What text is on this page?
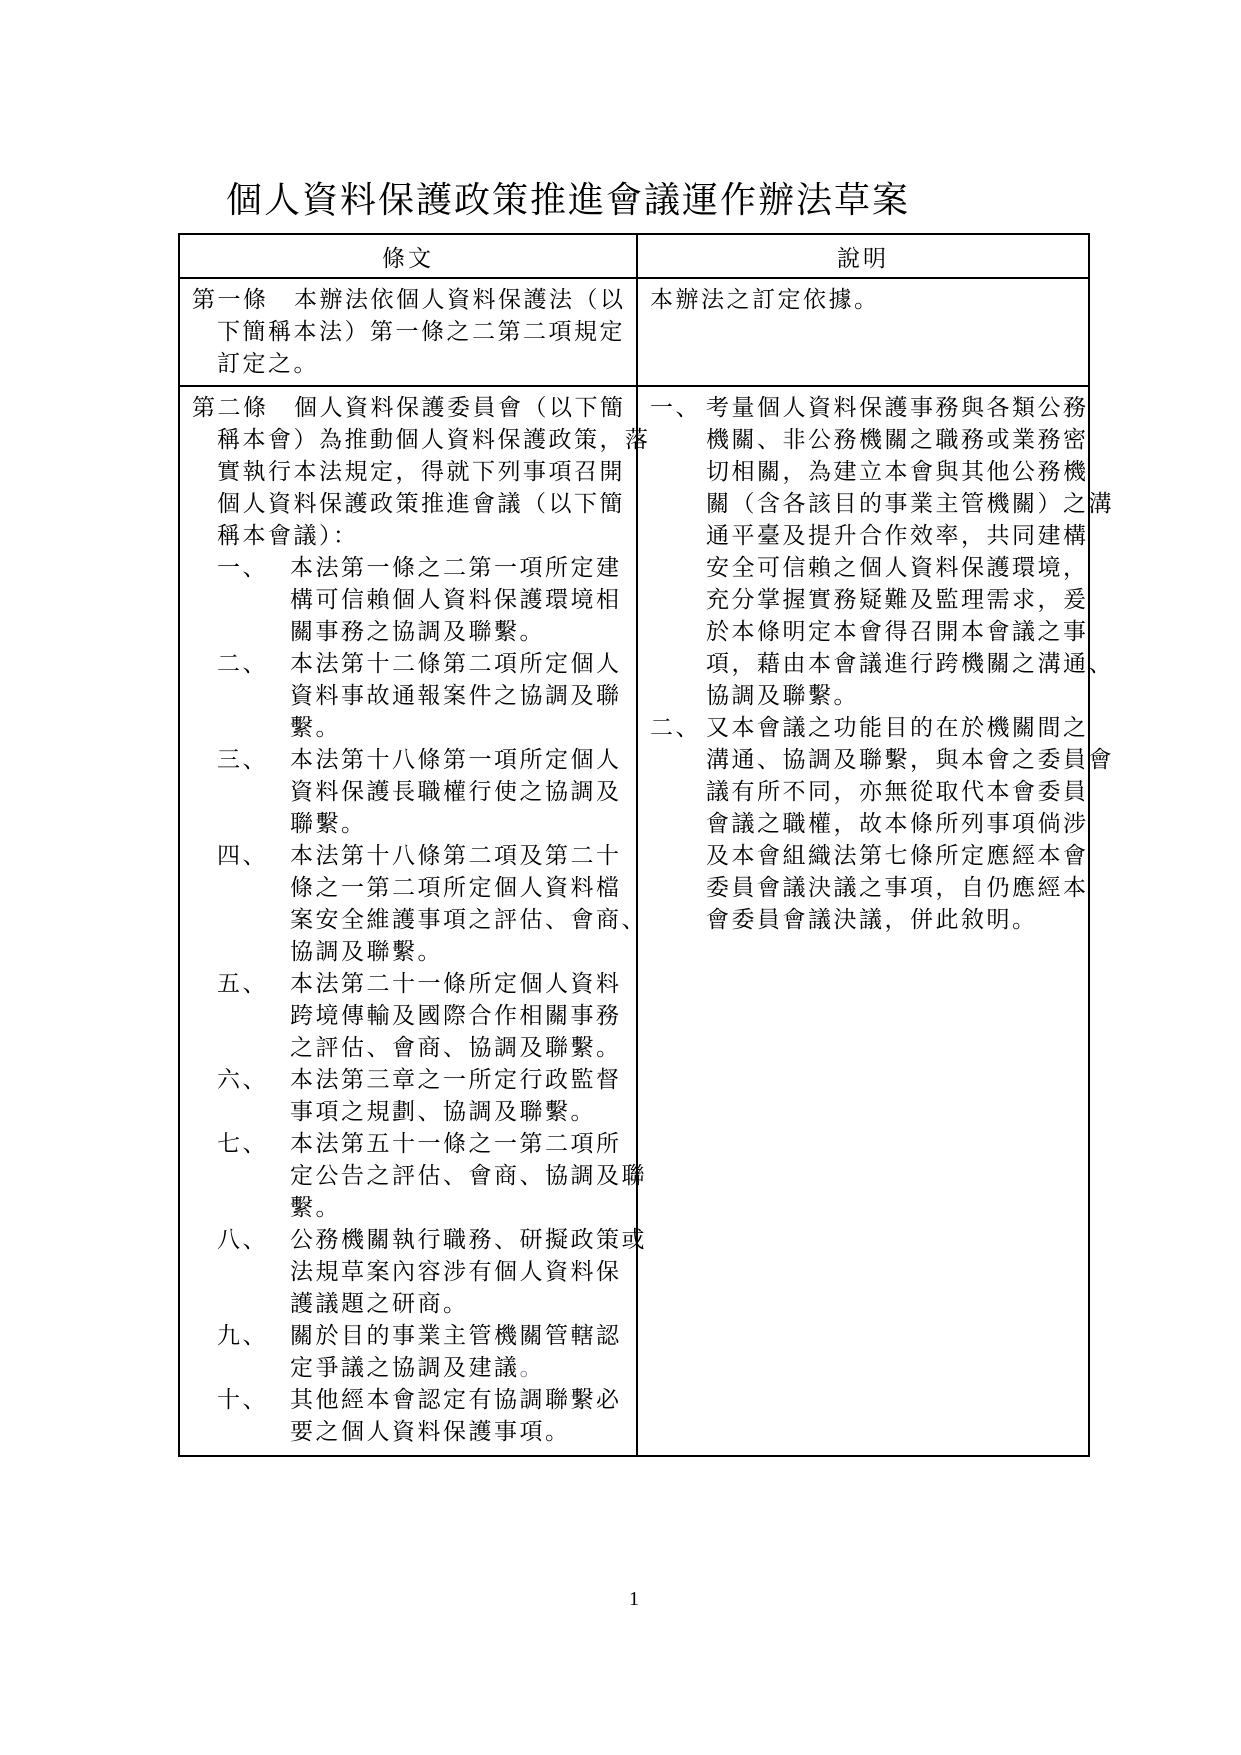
個人資料保護政策推進會議運作辦法草案
條文	說明
第一條　本辦法依個人資料保護法（以
下簡稱本法）第一條之二第二項規定
訂定之。
本辦法之訂定依據。
第二條　個人資料保護委員會（以下簡
稱本會）為推動個人資料保護政策，落
實執行本法規定，得就下列事項召開
個人資料保護政策推進會議（以下簡
稱本會議）：
一、 本法第一條之二第一項所定建
構可信賴個人資料保護環境相
關事務之協調及聯繫。
二、 本法第十二條第二項所定個人
資料事故通報案件之協調及聯
繫。
三、 本法第十八條第一項所定個人
資料保護長職權行使之協調及
聯繫。
四、 本法第十八條第二項及第二十
條之一第二項所定個人資料檔
案安全維護事項之評估、會商、
協調及聯繫。
五、 本法第二十一條所定個人資料
跨境傳輸及國際合作相關事務
之評估、會商、協調及聯繫。
六、 本法第三章之一所定行政監督
事項之規劃、協調及聯繫。
七、 本法第五十一條之一第二項所
定公告之評估、會商、協調及聯
繫。
八、 公務機關執行職務、研擬政策或
法規草案內容涉有個人資料保
護議題之研商。
九、 關於目的事業主管機關管轄認
定爭議之協調及建議。
十、 其他經本會認定有協調聯繫必
要之個人資料保護事項。
一、 考量個人資料保護事務與各類公務
機關、非公務機關之職務或業務密
切相關，為建立本會與其他公務機
關（含各該目的事業主管機關）之溝
通平臺及提升合作效率，共同建構
安全可信賴之個人資料保護環境，
充分掌握實務疑難及監理需求，爰
於本條明定本會得召開本會議之事
項，藉由本會議進行跨機關之溝通、
協調及聯繫。
二、 又本會議之功能目的在於機關間之
溝通、協調及聯繫，與本會之委員會
議有所不同，亦無從取代本會委員
會議之職權，故本條所列事項倘涉
及本會組織法第七條所定應經本會
委員會議決議之事項，自仍應經本
會委員會議決議，併此敘明。
1
